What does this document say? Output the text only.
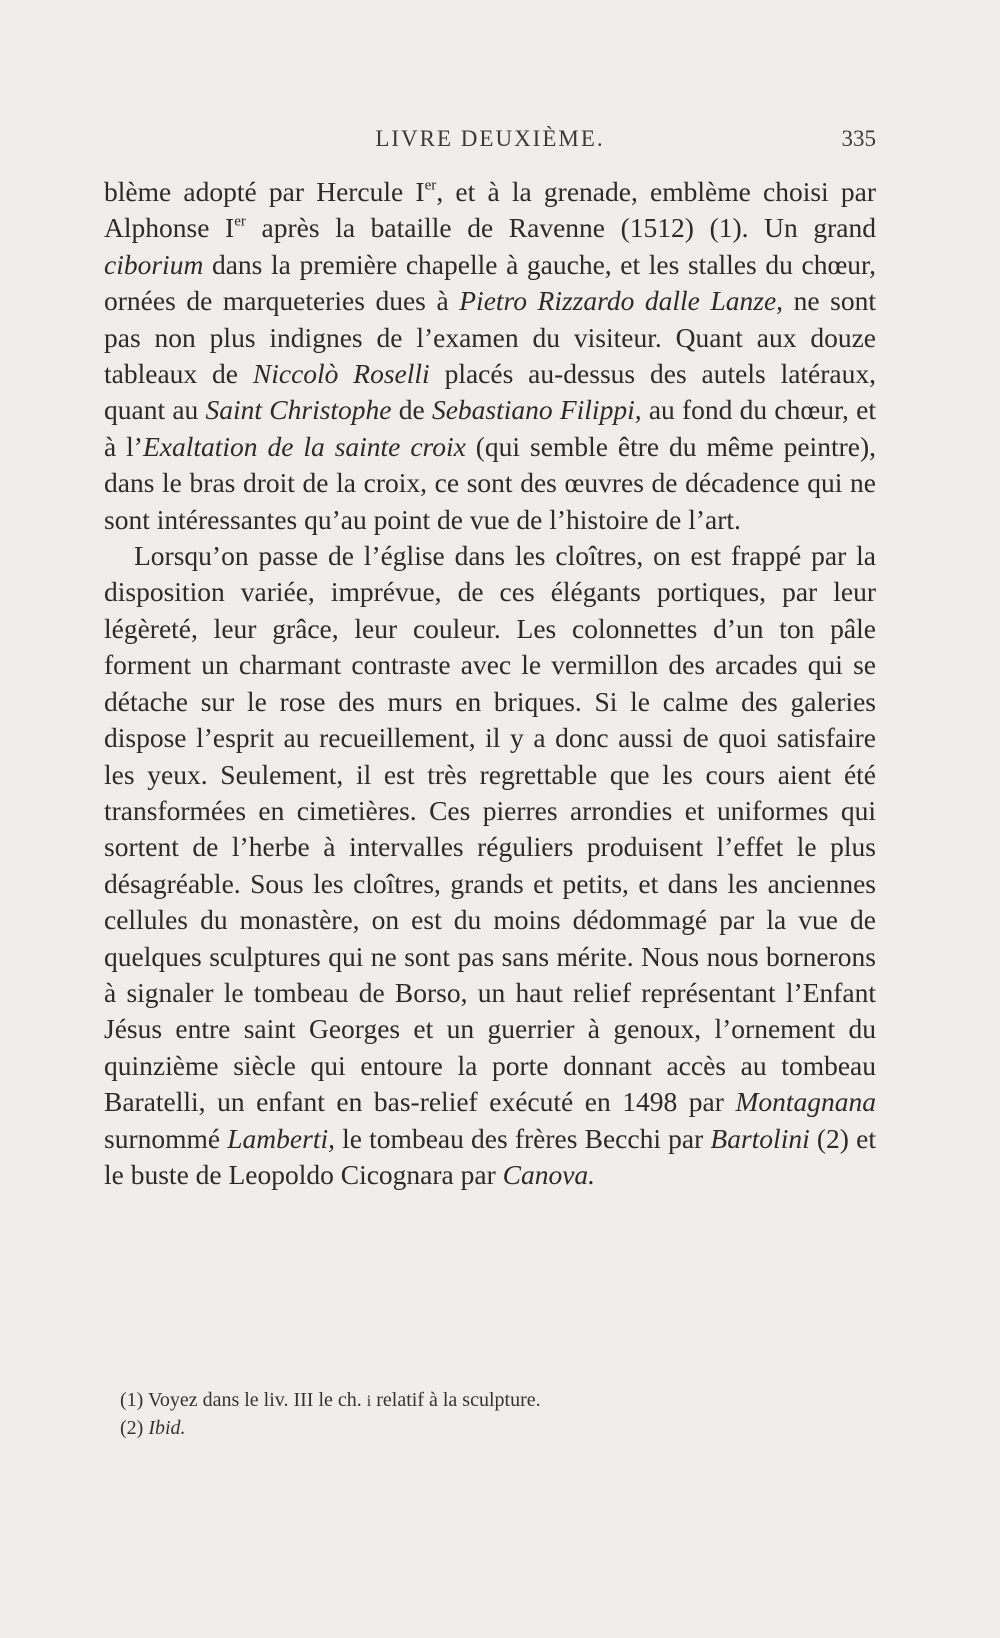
LIVRE DEUXIÈME.	335

blème adopté par Hercule Ier, et à la grenade, emblème choisi par Alphonse Ier après la bataille de Ravenne (1512) (1). Un grand ciborium dans la première chapelle à gauche, et les stalles du chœur, ornées de marqueteries dues à Pietro Rizzardo dalle Lanze, ne sont pas non plus indignes de l’examen du visiteur. Quant aux douze tableaux de Niccolò Roselli placés au-dessus des autels latéraux, quant au Saint Christophe de Sebastiano Filippi, au fond du chœur, et à l’Exaltation de la sainte croix (qui semble être du même peintre), dans le bras droit de la croix, ce sont des œuvres de décadence qui ne sont intéressantes qu’au point de vue de l’histoire de l’art.

Lorsqu’on passe de l’église dans les cloîtres, on est frappé par la disposition variée, imprévue, de ces élégants portiques, par leur légèreté, leur grâce, leur couleur. Les colonnettes d’un ton pâle forment un charmant contraste avec le vermillon des arcades qui se détache sur le rose des murs en briques. Si le calme des galeries dispose l’esprit au recueillement, il y a donc aussi de quoi satisfaire les yeux. Seulement, il est très regrettable que les cours aient été transformées en cimetières. Ces pierres arrondies et uniformes qui sortent de l’herbe à intervalles réguliers produisent l’effet le plus désagréable. Sous les cloîtres, grands et petits, et dans les anciennes cellules du monastère, on est du moins dédommagé par la vue de quelques sculptures qui ne sont pas sans mérite. Nous nous bornerons à signaler le tombeau de Borso, un haut relief représentant l’Enfant Jésus entre saint Georges et un guerrier à genoux, l’ornement du quinzième siècle qui entoure la porte donnant accès au tombeau Baratelli, un enfant en bas-relief exécuté en 1498 par Montagnana surnommé Lamberti, le tombeau des frères Becchi par Bartolini (2) et le buste de Leopoldo Cicognara par Canova.

(1) Voyez dans le liv. III le ch. i relatif à la sculpture.

(2) Ibid.
